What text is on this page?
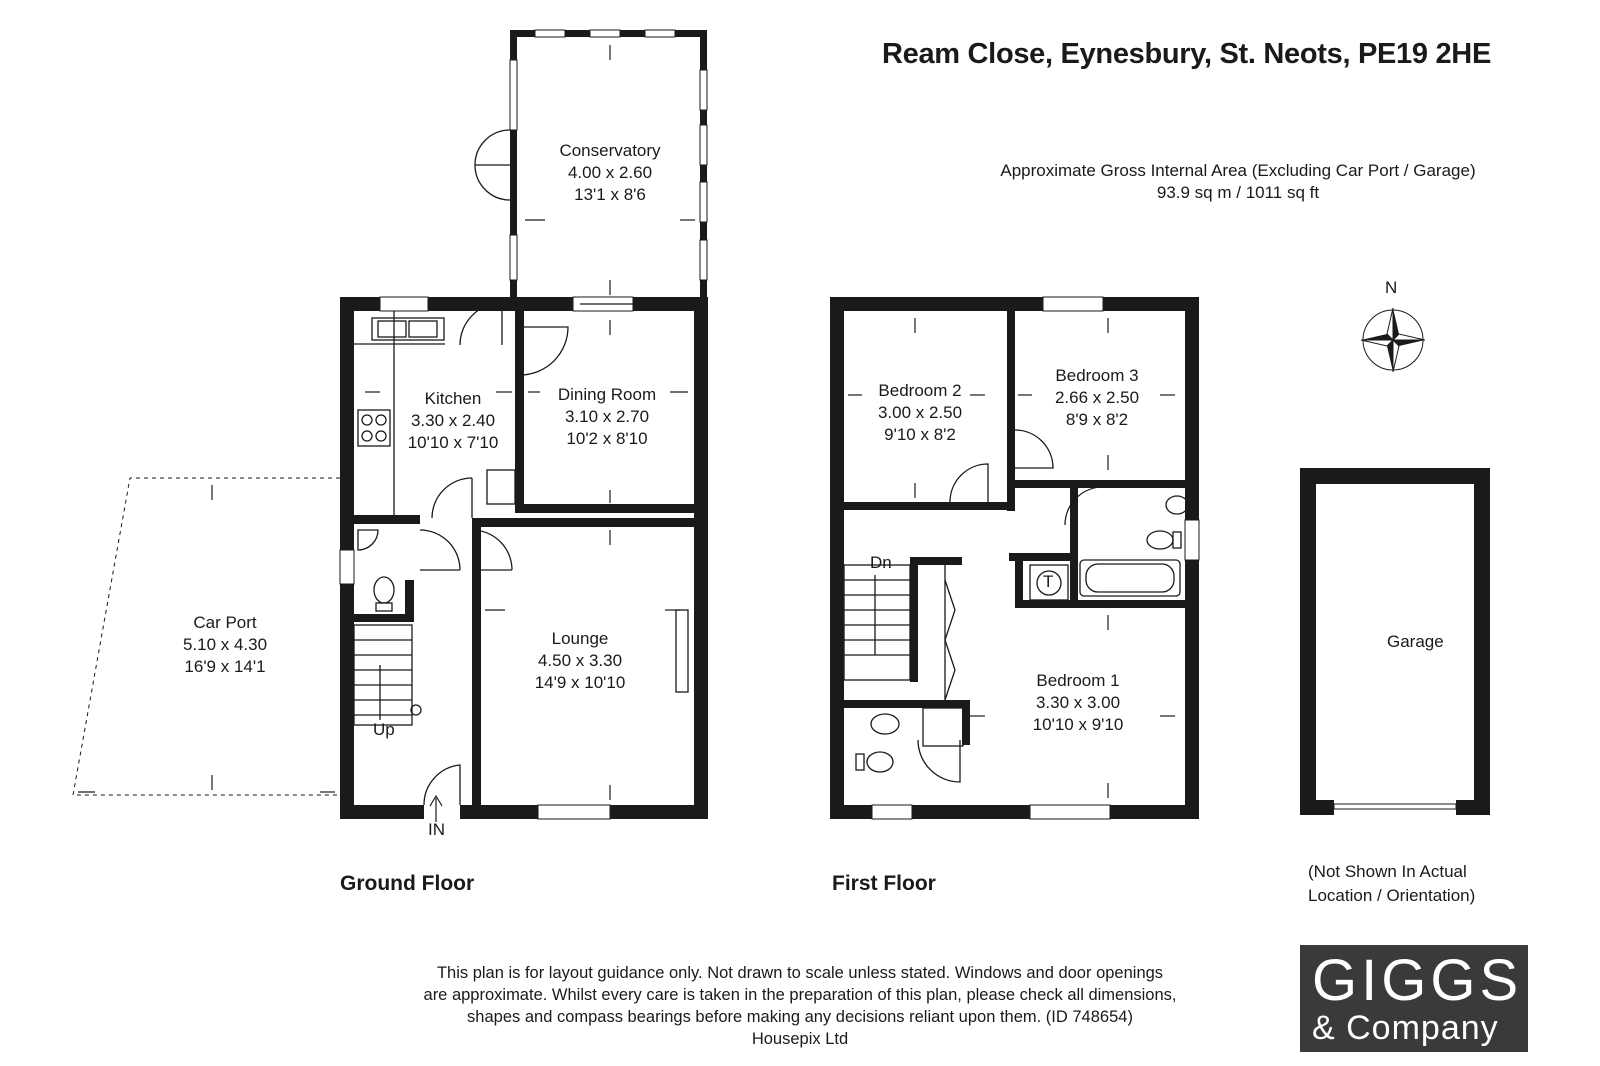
Ream Close, Eynesbury, St. Neots, PE19 2HE
Approximate Gross Internal Area (Excluding Car Port / Garage)
93.9 sq m / 1011 sq ft
N
Conservatory
4.00 x 2.60
13'1 x 8'6
Kitchen
3.30 x 2.40
10'10 x 7'10
Dining Room
3.10 x 2.70
10'2 x 8'10
Lounge
4.50 x 3.30
14'9 x 10'10
Car Port
5.10 x 4.30
16'9 x 14'1
Up
IN
Ground Floor
Bedroom 2
3.00 x 2.50
9'10 x 8'2
Bedroom 3
2.66 x 2.50
8'9 x 8'2
Bedroom 1
3.30 x 3.00
10'10 x 9'10
Dn
T
First Floor
Garage
(Not Shown In Actual
Location / Orientation)
This plan is for layout guidance only. Not drawn to scale unless stated. Windows and door openings
are approximate. Whilst every care is taken in the preparation of this plan, please check all dimensions,
shapes and compass bearings before making any decisions reliant upon them. (ID 748654)
Housepix Ltd
GIGGS
& Company
